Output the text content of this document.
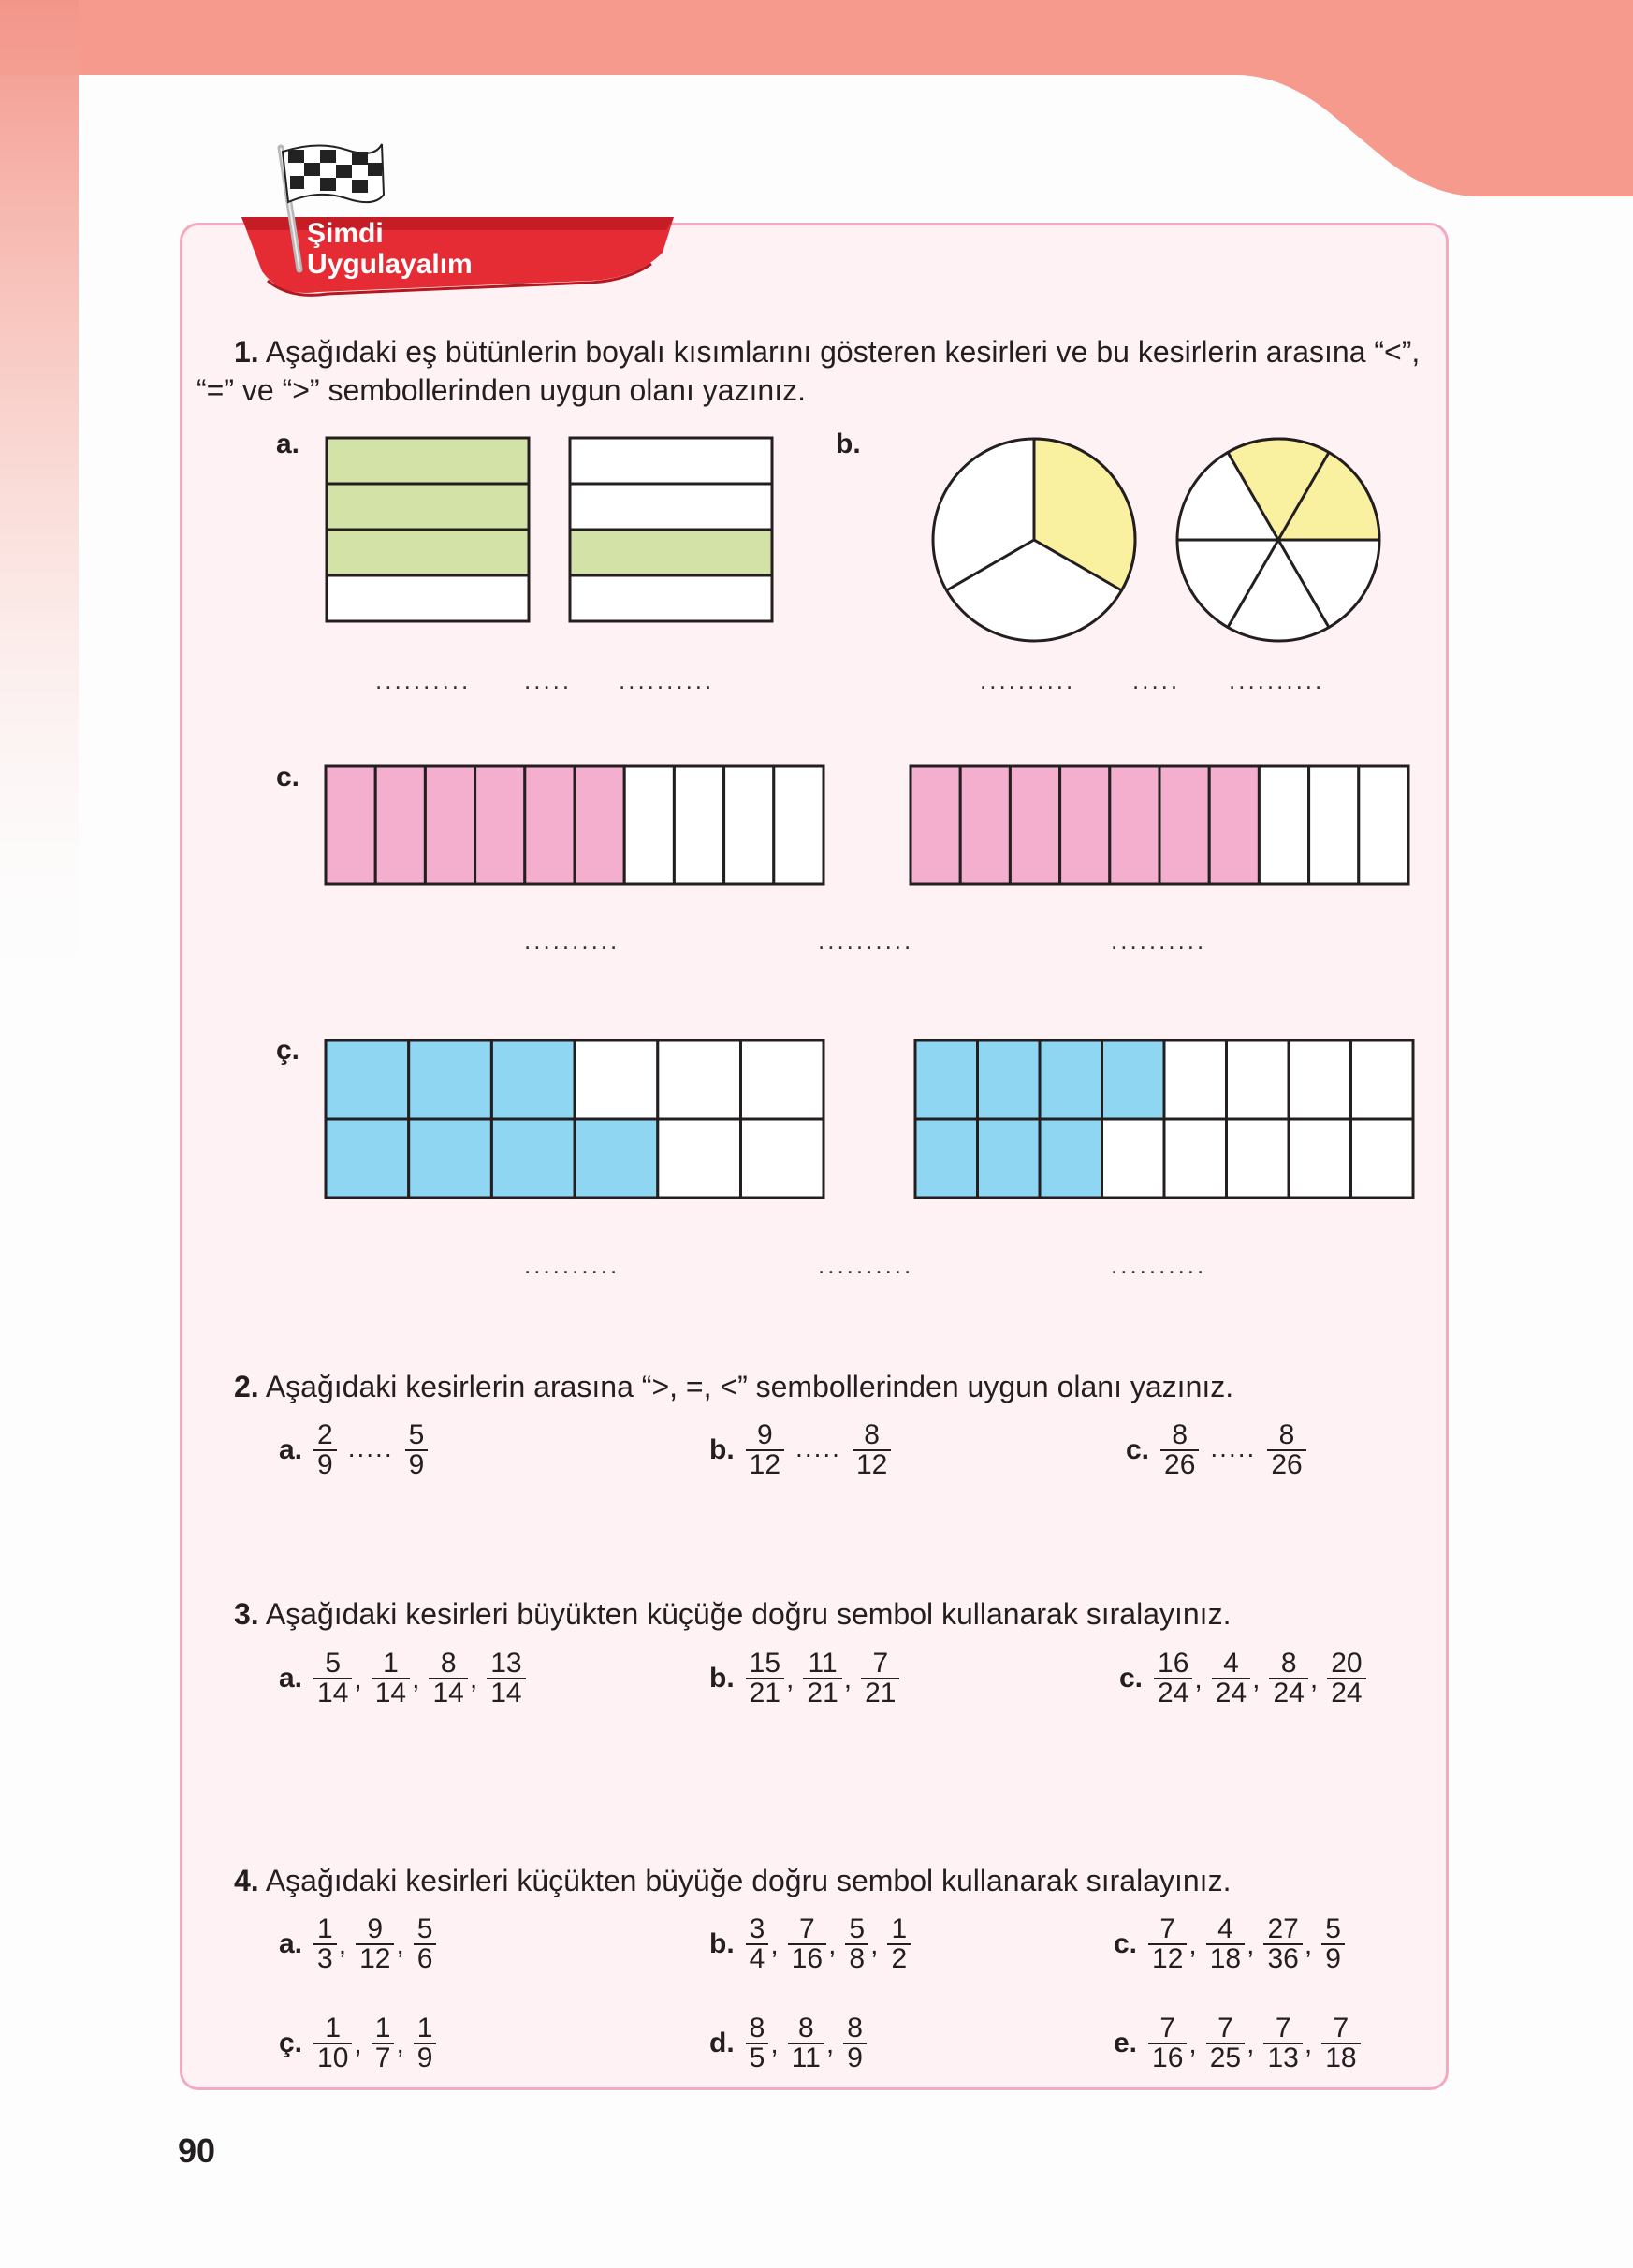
Şimdi
Uygulayalım
1. Aşağıdaki eş bütünlerin boyalı kısımlarını gösteren kesirleri ve bu kesirlerin arasına “<”, “=” ve “>” sembollerinden uygun olanı yazınız.
a.	b.
c.
ç.
.......... ..... ..........	.......... ..... ..........
..........	..........	..........
..........	..........	..........
2. Aşağıdaki kesirlerin arasına “>, =, <” sembollerinden uygun olanı yazınız.
a. $\frac{2}{9}$ ..... $\frac{5}{9}$	b. $\frac{9}{12}$ ..... $\frac{8}{12}$	c. $\frac{8}{26}$ ..... $\frac{8}{26}$
3. Aşağıdaki kesirleri büyükten küçüğe doğru sembol kullanarak sıralayınız.
a. $\frac{5}{14}$ , $\frac{1}{14}$ , $\frac{8}{14}$ , $\frac{13}{14}$	b. $\frac{15}{21}$ , $\frac{11}{21}$ , $\frac{7}{21}$	c. $\frac{16}{24}$ , $\frac{4}{24}$ , $\frac{8}{24}$ , $\frac{20}{24}$
4. Aşağıdaki kesirleri küçükten büyüğe doğru sembol kullanarak sıralayınız.
a. $\frac{1}{3}$ , $\frac{9}{12}$ , $\frac{5}{6}$	b. $\frac{3}{4}$ , $\frac{7}{16}$ , $\frac{5}{8}$ , $\frac{1}{2}$	c. $\frac{7}{12}$ , $\frac{4}{18}$ , $\frac{27}{36}$ , $\frac{5}{9}$
ç. $\frac{1}{10}$ , $\frac{1}{7}$ , $\frac{1}{9}$	d. $\frac{8}{5}$ , $\frac{8}{11}$ , $\frac{8}{9}$	e. $\frac{7}{16}$ , $\frac{7}{25}$ , $\frac{7}{13}$ , $\frac{7}{18}$
90
